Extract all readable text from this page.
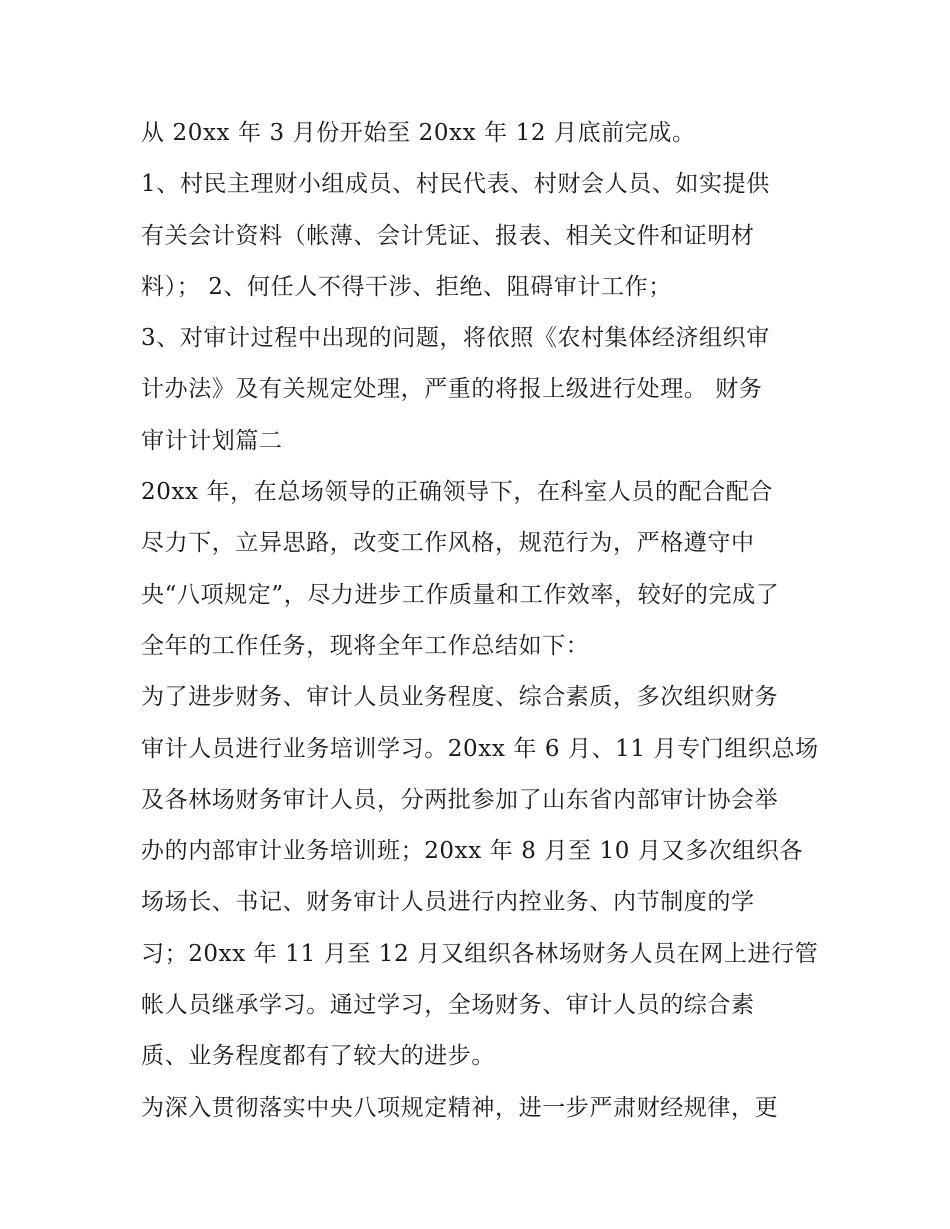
从 20xx 年 3 月份开始至 20xx 年 12 月底前完成。
1、村民主理财小组成员、村民代表、村财会人员、如实提供
有关会计资料（帐薄、会计凭证、报表、相关文件和证明材
料）； 2、何任人不得干涉、拒绝、阻碍审计工作；
3、对审计过程中出现的问题，将依照《农村集体经济组织审
计办法》及有关规定处理，严重的将报上级进行处理。 财务
审计计划篇二
20xx 年，在总场领导的正确领导下，在科室人员的配合配合
尽力下，立异思路，改变工作风格，规范行为，严格遵守中
央“八项规定”，尽力进步工作质量和工作效率，较好的完成了
全年的工作任务，现将全年工作总结如下：
为了进步财务、审计人员业务程度、综合素质，多次组织财务
审计人员进行业务培训学习。20xx 年 6 月、11 月专门组织总场
及各林场财务审计人员，分两批参加了山东省内部审计协会举
办的内部审计业务培训班；20xx 年 8 月至 10 月又多次组织各
场场长、书记、财务审计人员进行内控业务、内节制度的学
习；20xx 年 11 月至 12 月又组织各林场财务人员在网上进行管
帐人员继承学习。通过学习，全场财务、审计人员的综合素
质、业务程度都有了较大的进步。
为深入贯彻落实中央八项规定精神，进一步严肃财经规律，更
